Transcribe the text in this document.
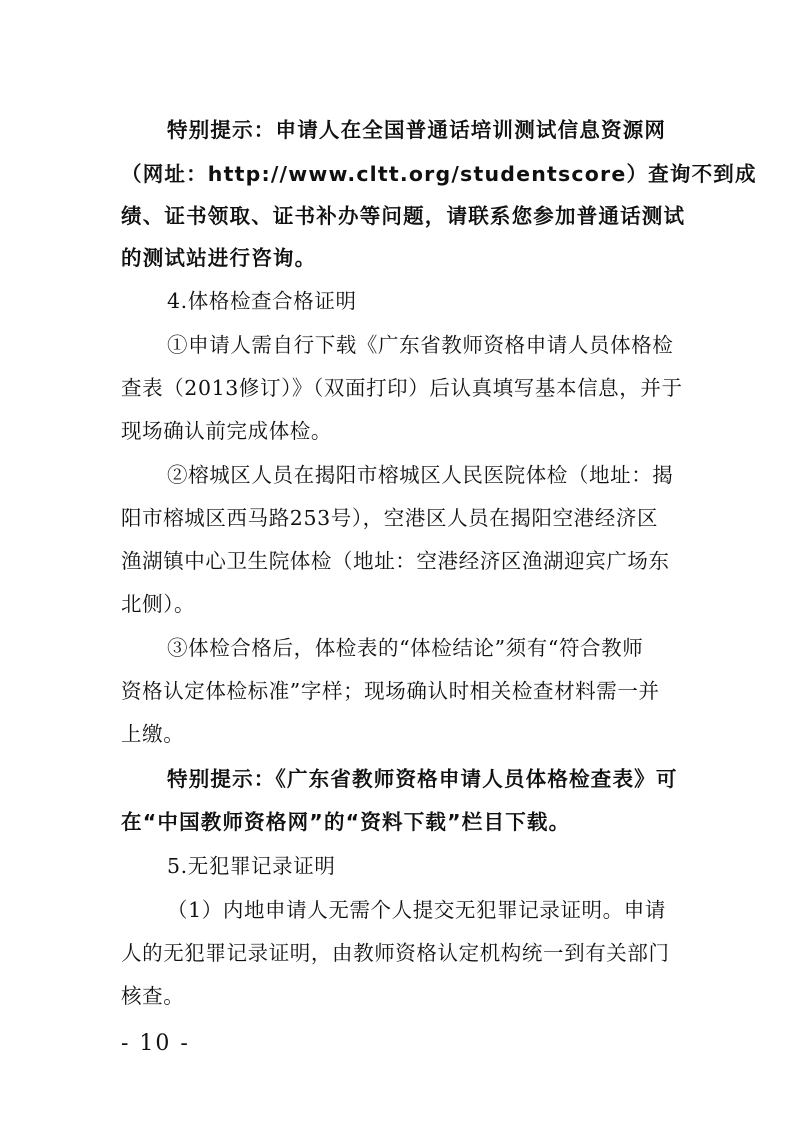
特别提示：申请人在全国普通话培训测试信息资源网
（网址：http://www.cltt.org/studentscore）查询不到成
绩、证书领取、证书补办等问题，请联系您参加普通话测试
的测试站进行咨询。
4.体格检查合格证明
①申请人需自行下载《广东省教师资格申请人员体格检
查表（2013修订）》（双面打印）后认真填写基本信息，并于
现场确认前完成体检。
②榕城区人员在揭阳市榕城区人民医院体检（地址：揭
阳市榕城区西马路253号），空港区人员在揭阳空港经济区
渔湖镇中心卫生院体检（地址：空港经济区渔湖迎宾广场东
北侧）。
③体检合格后，体检表的“体检结论”须有“符合教师
资格认定体检标准”字样；现场确认时相关检查材料需一并
上缴。
特别提示：《广东省教师资格申请人员体格检查表》可
在“中国教师资格网”的“资料下载”栏目下载。
5.无犯罪记录证明
（1）内地申请人无需个人提交无犯罪记录证明。申请
人的无犯罪记录证明，由教师资格认定机构统一到有关部门
核查。
- 10 -
